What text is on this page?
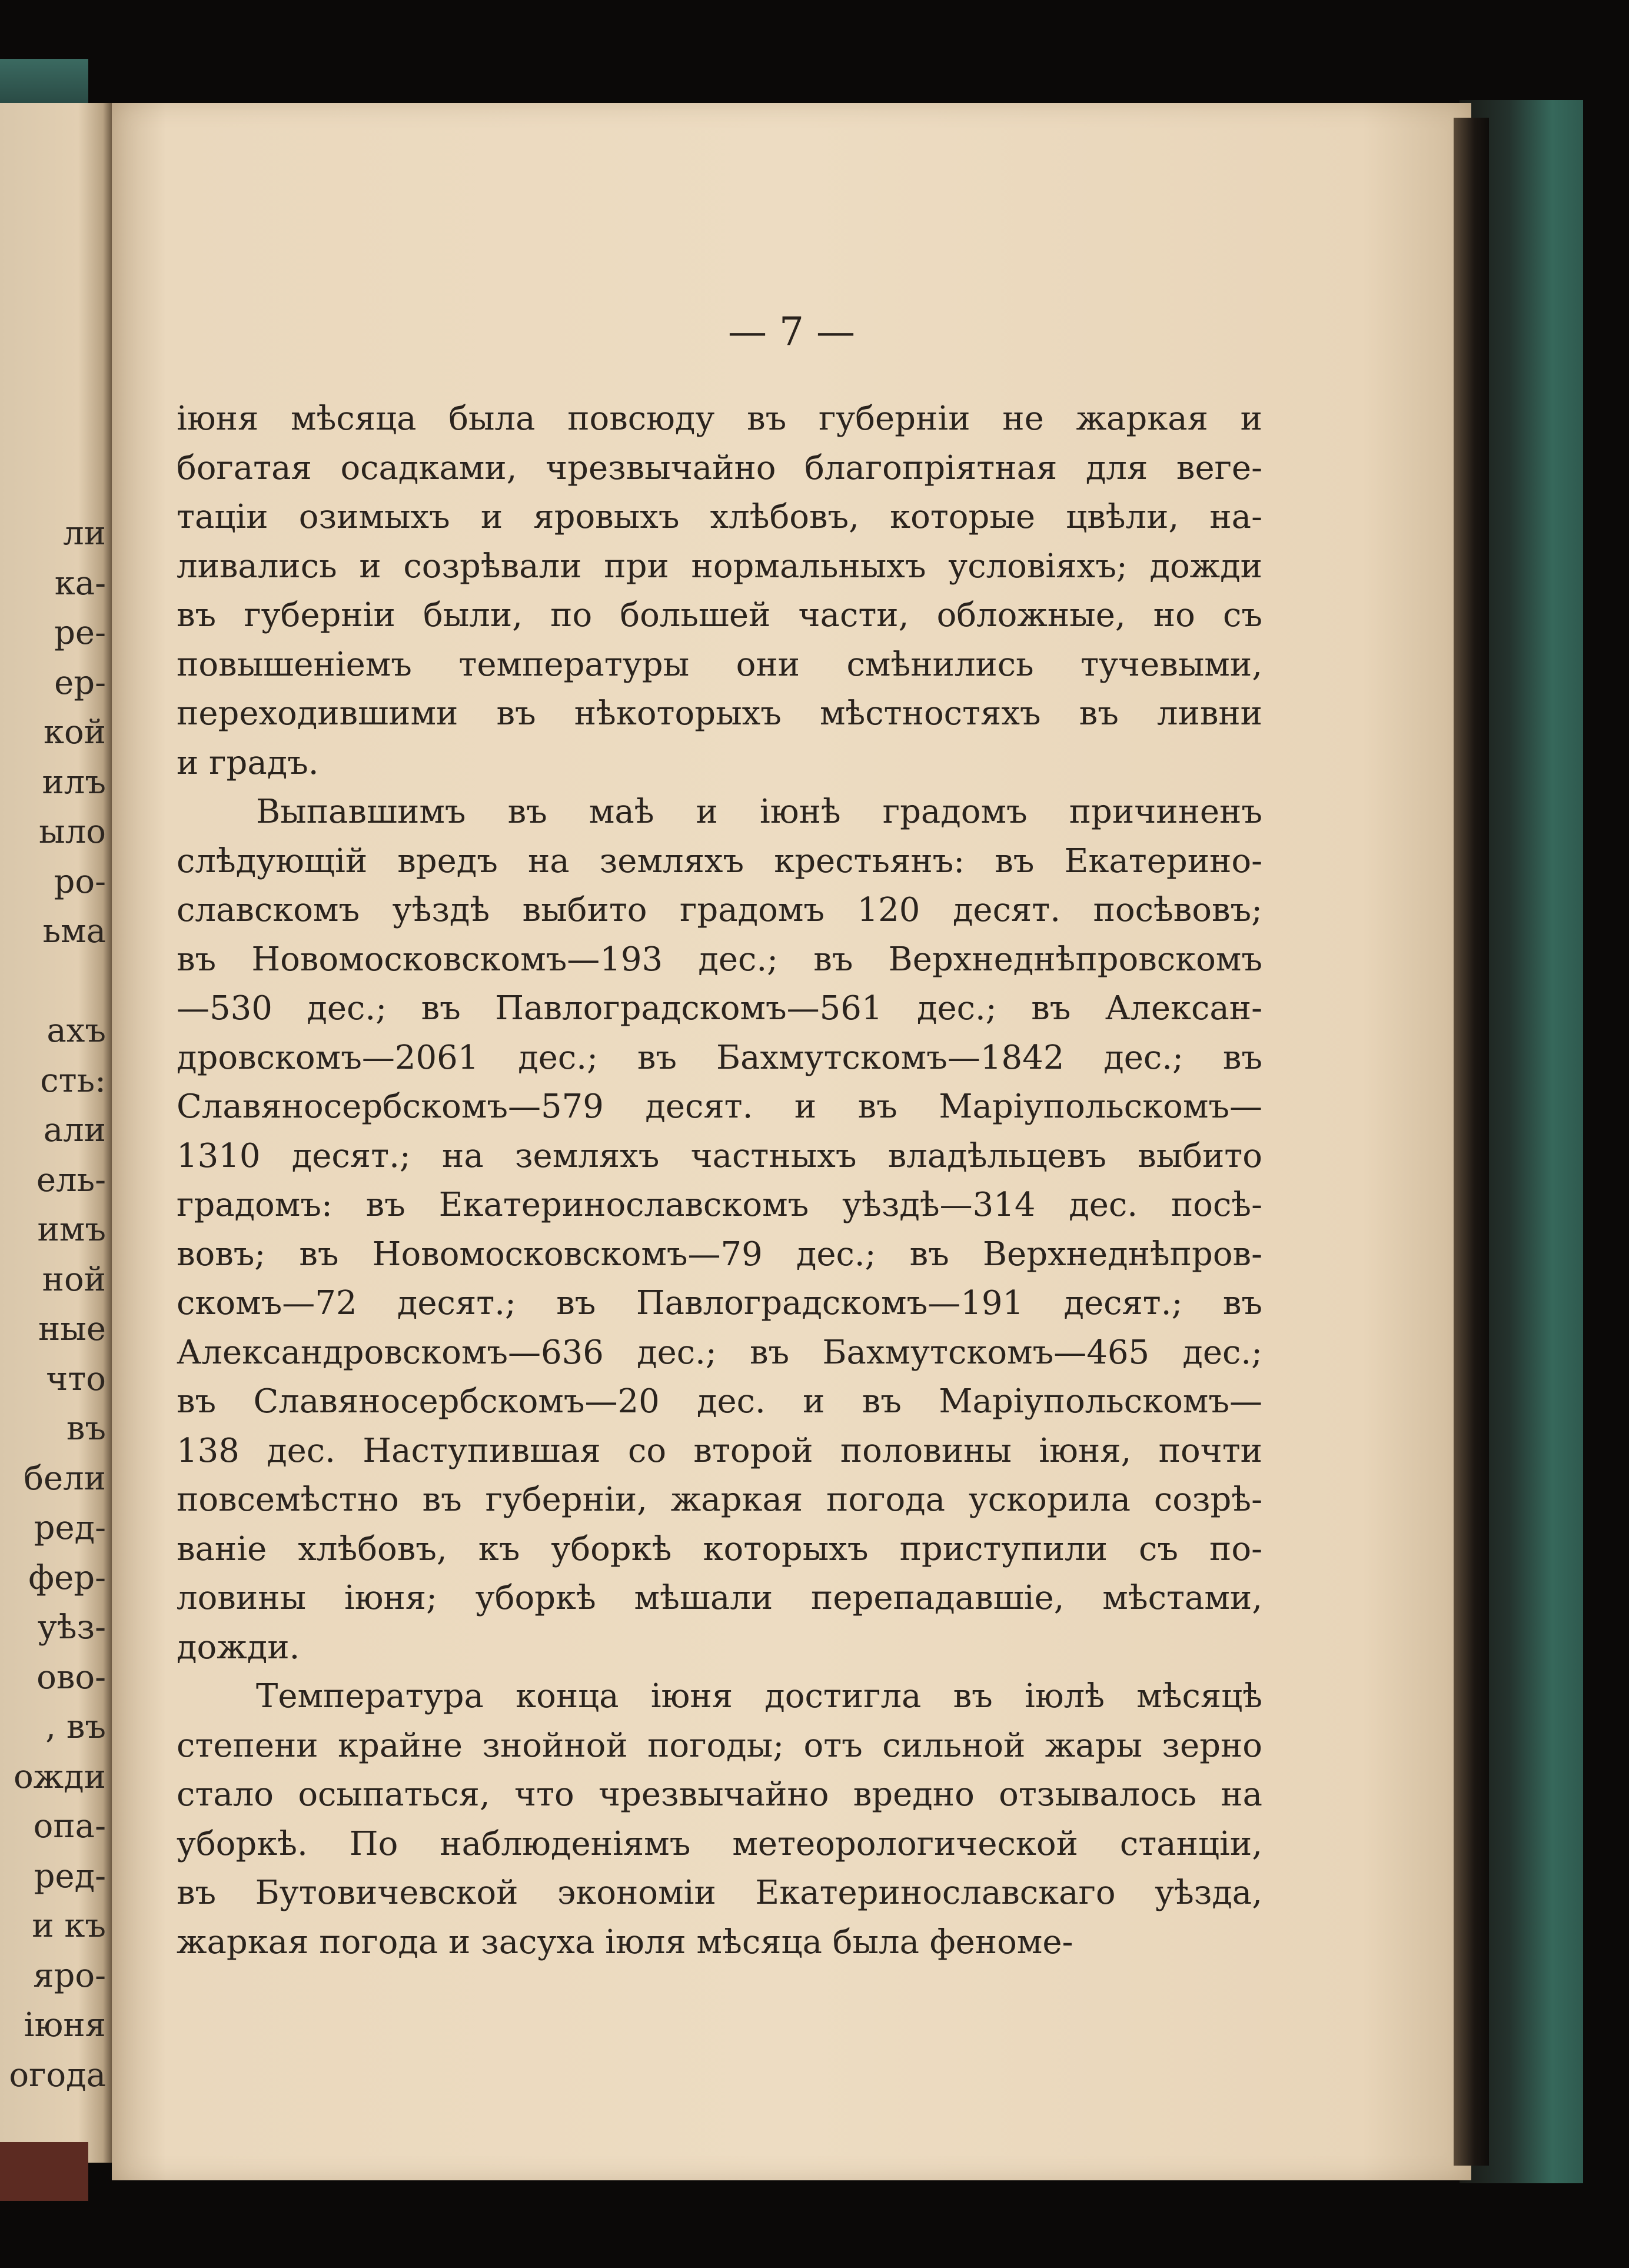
ли
ка-
ре-
ер-
кой
илъ
ыло
ро-
ьма
ахъ
сть:
али
ель-
имъ
ной
ные
что
въ
бели
ред-
фер-
уѣз-
ово-
, въ
ожди
опа-
ред-
и къ
яро-
іюня
огода
— 7 —
іюня мѣсяца была повсюду въ губерніи не жаркая и
богатая осадками, чрезвычайно благопріятная для веге-
таціи озимыхъ и яровыхъ хлѣбовъ, которые цвѣли, на-
ливались и созрѣвали при нормальныхъ условіяхъ; дожди
въ губерніи были, по большей части, обложные, но съ
повышеніемъ температуры они смѣнились тучевыми,
переходившими въ нѣкоторыхъ мѣстностяхъ въ ливни
и градъ.
Выпавшимъ въ маѣ и іюнѣ градомъ причиненъ
слѣдующій вредъ на земляхъ крестьянъ: въ Екатерино-
славскомъ уѣздѣ выбито градомъ 120 десят. посѣвовъ;
въ Новомосковскомъ—193 дес.; въ Верхнеднѣпровскомъ
—530 дес.; въ Павлоградскомъ—561 дес.; въ Алексан-
дровскомъ—2061 дес.; въ Бахмутскомъ—1842 дес.; въ
Славяносербскомъ—579 десят. и въ Маріупольскомъ—
1310 десят.; на земляхъ частныхъ владѣльцевъ выбито
градомъ: въ Екатеринославскомъ уѣздѣ—314 дес. посѣ-
вовъ; въ Новомосковскомъ—79 дес.; въ Верхнеднѣпров-
скомъ—72 десят.; въ Павлоградскомъ—191 десят.; въ
Александровскомъ—636 дес.; въ Бахмутскомъ—465 дес.;
въ Славяносербскомъ—20 дес. и въ Маріупольскомъ—
138 дес. Наступившая со второй половины іюня, почти
повсемѣстно въ губерніи, жаркая погода ускорила созрѣ-
ваніе хлѣбовъ, къ уборкѣ которыхъ приступили съ по-
ловины іюня; уборкѣ мѣшали перепадавшіе, мѣстами,
дожди.
Температура конца іюня достигла въ іюлѣ мѣсяцѣ
степени крайне знойной погоды; отъ сильной жары зерно
стало осыпаться, что чрезвычайно вредно отзывалось на
уборкѣ. По наблюденіямъ метеорологической станціи,
въ Бутовичевской экономіи Екатеринославскаго уѣзда,
жаркая погода и засуха іюля мѣсяца была феноме-
